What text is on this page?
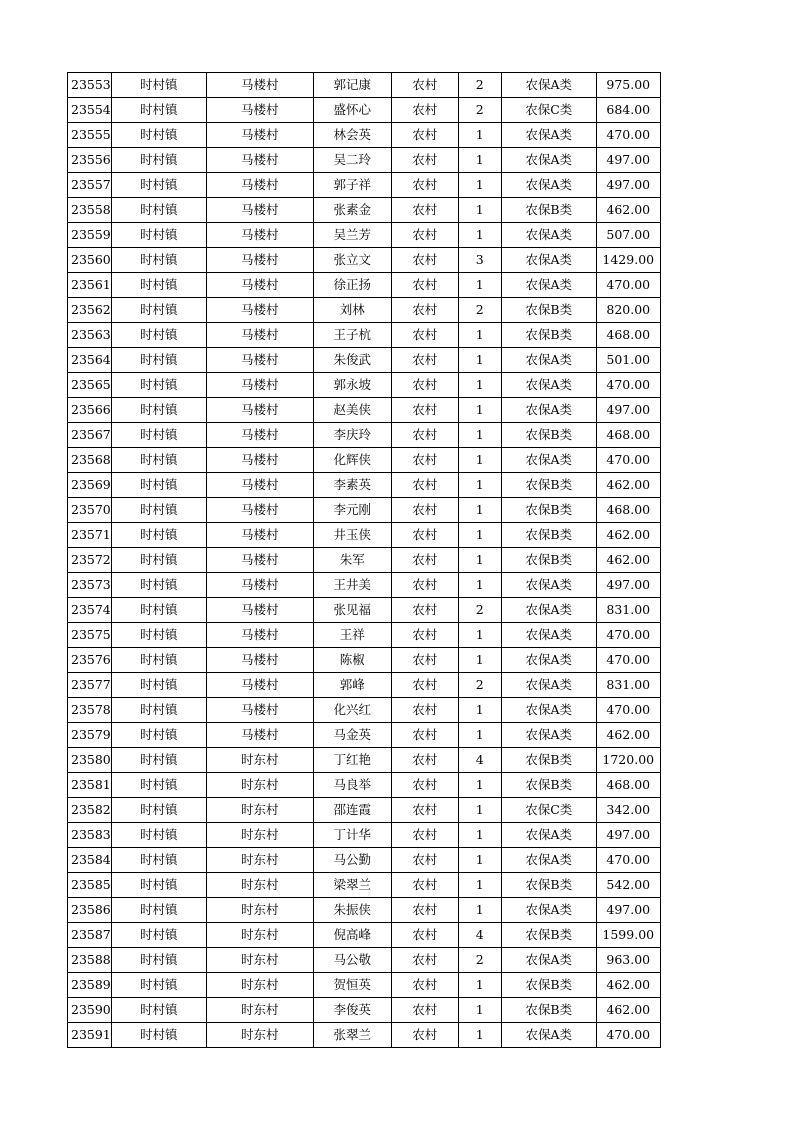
23553	时村镇	马楼村	郭记康	农村	2	农保A类	975.00
23554	时村镇	马楼村	盛怀心	农村	2	农保C类	684.00
23555	时村镇	马楼村	林会英	农村	1	农保A类	470.00
23556	时村镇	马楼村	吴二玲	农村	1	农保A类	497.00
23557	时村镇	马楼村	郭子祥	农村	1	农保A类	497.00
23558	时村镇	马楼村	张素金	农村	1	农保B类	462.00
23559	时村镇	马楼村	吴兰芳	农村	1	农保A类	507.00
23560	时村镇	马楼村	张立文	农村	3	农保A类	1429.00
23561	时村镇	马楼村	徐正扬	农村	1	农保A类	470.00
23562	时村镇	马楼村	刘林	农村	2	农保B类	820.00
23563	时村镇	马楼村	王子杭	农村	1	农保B类	468.00
23564	时村镇	马楼村	朱俊武	农村	1	农保A类	501.00
23565	时村镇	马楼村	郭永坡	农村	1	农保A类	470.00
23566	时村镇	马楼村	赵美侠	农村	1	农保A类	497.00
23567	时村镇	马楼村	李庆玲	农村	1	农保B类	468.00
23568	时村镇	马楼村	化辉侠	农村	1	农保A类	470.00
23569	时村镇	马楼村	李素英	农村	1	农保B类	462.00
23570	时村镇	马楼村	李元刚	农村	1	农保B类	468.00
23571	时村镇	马楼村	井玉侠	农村	1	农保B类	462.00
23572	时村镇	马楼村	朱军	农村	1	农保B类	462.00
23573	时村镇	马楼村	王井美	农村	1	农保A类	497.00
23574	时村镇	马楼村	张见福	农村	2	农保A类	831.00
23575	时村镇	马楼村	王祥	农村	1	农保A类	470.00
23576	时村镇	马楼村	陈椒	农村	1	农保A类	470.00
23577	时村镇	马楼村	郭峰	农村	2	农保A类	831.00
23578	时村镇	马楼村	化兴红	农村	1	农保A类	470.00
23579	时村镇	马楼村	马金英	农村	1	农保A类	462.00
23580	时村镇	时东村	丁红艳	农村	4	农保B类	1720.00
23581	时村镇	时东村	马良举	农村	1	农保B类	468.00
23582	时村镇	时东村	邵连霞	农村	1	农保C类	342.00
23583	时村镇	时东村	丁计华	农村	1	农保A类	497.00
23584	时村镇	时东村	马公勤	农村	1	农保A类	470.00
23585	时村镇	时东村	梁翠兰	农村	1	农保B类	542.00
23586	时村镇	时东村	朱振侠	农村	1	农保A类	497.00
23587	时村镇	时东村	倪高峰	农村	4	农保B类	1599.00
23588	时村镇	时东村	马公敬	农村	2	农保A类	963.00
23589	时村镇	时东村	贺恒英	农村	1	农保B类	462.00
23590	时村镇	时东村	李俊英	农村	1	农保B类	462.00
23591	时村镇	时东村	张翠兰	农村	1	农保A类	470.00
